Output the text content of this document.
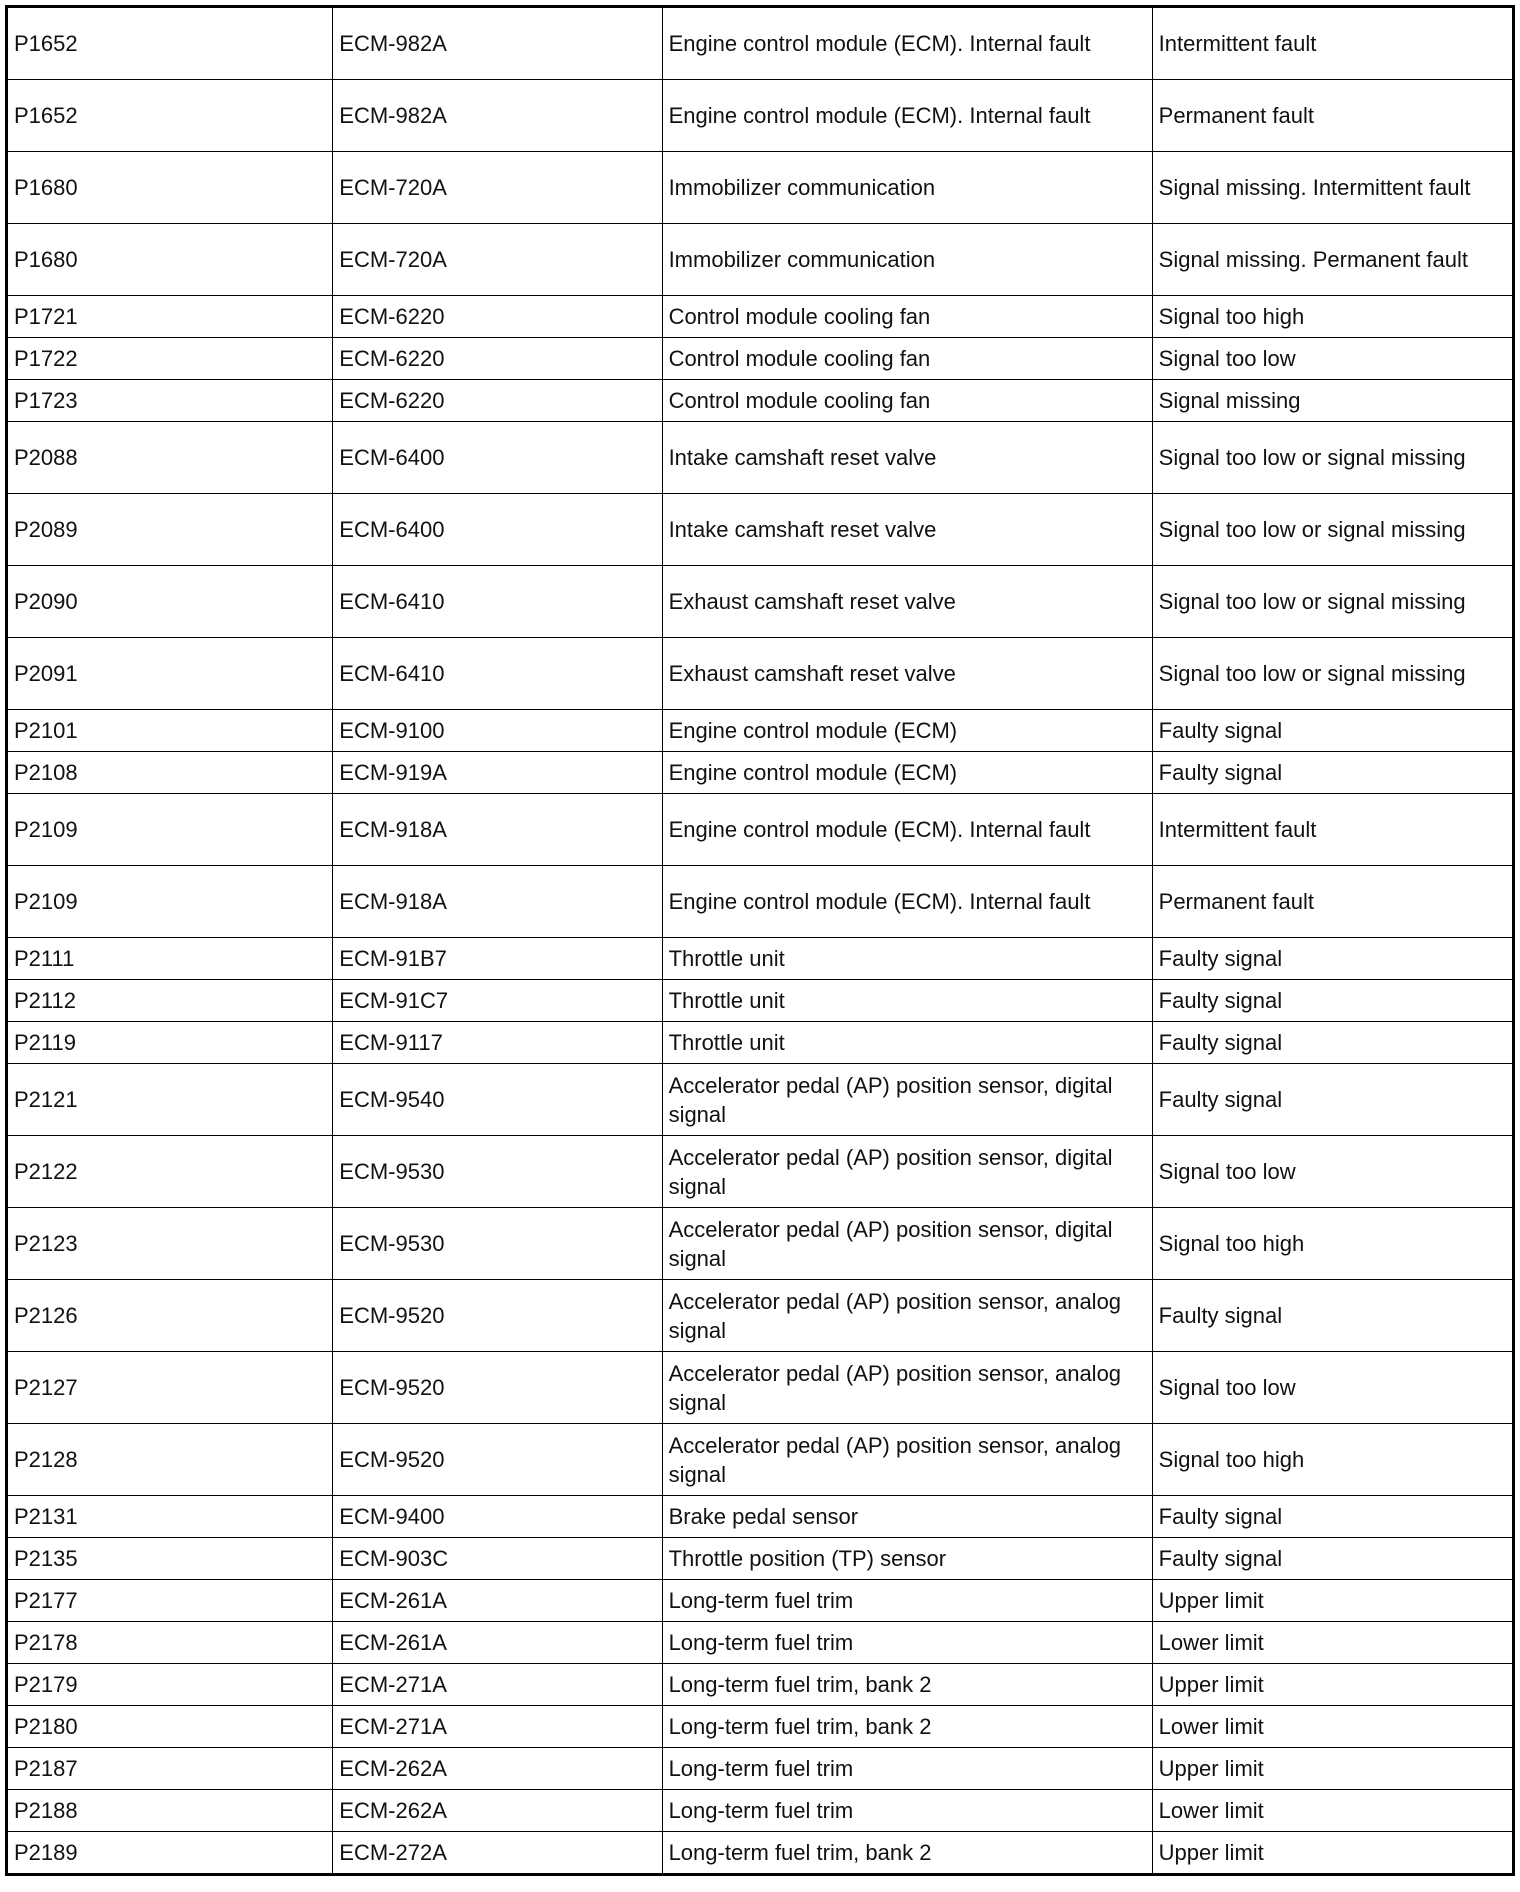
P1652	ECM-982A	Engine control module (ECM). Internal fault	Intermittent fault
P1652	ECM-982A	Engine control module (ECM). Internal fault	Permanent fault
P1680	ECM-720A	Immobilizer communication	Signal missing. Intermittent fault
P1680	ECM-720A	Immobilizer communication	Signal missing. Permanent fault
P1721	ECM-6220	Control module cooling fan	Signal too high
P1722	ECM-6220	Control module cooling fan	Signal too low
P1723	ECM-6220	Control module cooling fan	Signal missing
P2088	ECM-6400	Intake camshaft reset valve	Signal too low or signal missing
P2089	ECM-6400	Intake camshaft reset valve	Signal too low or signal missing
P2090	ECM-6410	Exhaust camshaft reset valve	Signal too low or signal missing
P2091	ECM-6410	Exhaust camshaft reset valve	Signal too low or signal missing
P2101	ECM-9100	Engine control module (ECM)	Faulty signal
P2108	ECM-919A	Engine control module (ECM)	Faulty signal
P2109	ECM-918A	Engine control module (ECM). Internal fault	Intermittent fault
P2109	ECM-918A	Engine control module (ECM). Internal fault	Permanent fault
P2111	ECM-91B7	Throttle unit	Faulty signal
P2112	ECM-91C7	Throttle unit	Faulty signal
P2119	ECM-9117	Throttle unit	Faulty signal
P2121	ECM-9540	Accelerator pedal (AP) position sensor, digital signal	Faulty signal
P2122	ECM-9530	Accelerator pedal (AP) position sensor, digital signal	Signal too low
P2123	ECM-9530	Accelerator pedal (AP) position sensor, digital signal	Signal too high
P2126	ECM-9520	Accelerator pedal (AP) position sensor, analog signal	Faulty signal
P2127	ECM-9520	Accelerator pedal (AP) position sensor, analog signal	Signal too low
P2128	ECM-9520	Accelerator pedal (AP) position sensor, analog signal	Signal too high
P2131	ECM-9400	Brake pedal sensor	Faulty signal
P2135	ECM-903C	Throttle position (TP) sensor	Faulty signal
P2177	ECM-261A	Long-term fuel trim	Upper limit
P2178	ECM-261A	Long-term fuel trim	Lower limit
P2179	ECM-271A	Long-term fuel trim, bank 2	Upper limit
P2180	ECM-271A	Long-term fuel trim, bank 2	Lower limit
P2187	ECM-262A	Long-term fuel trim	Upper limit
P2188	ECM-262A	Long-term fuel trim	Lower limit
P2189	ECM-272A	Long-term fuel trim, bank 2	Upper limit
